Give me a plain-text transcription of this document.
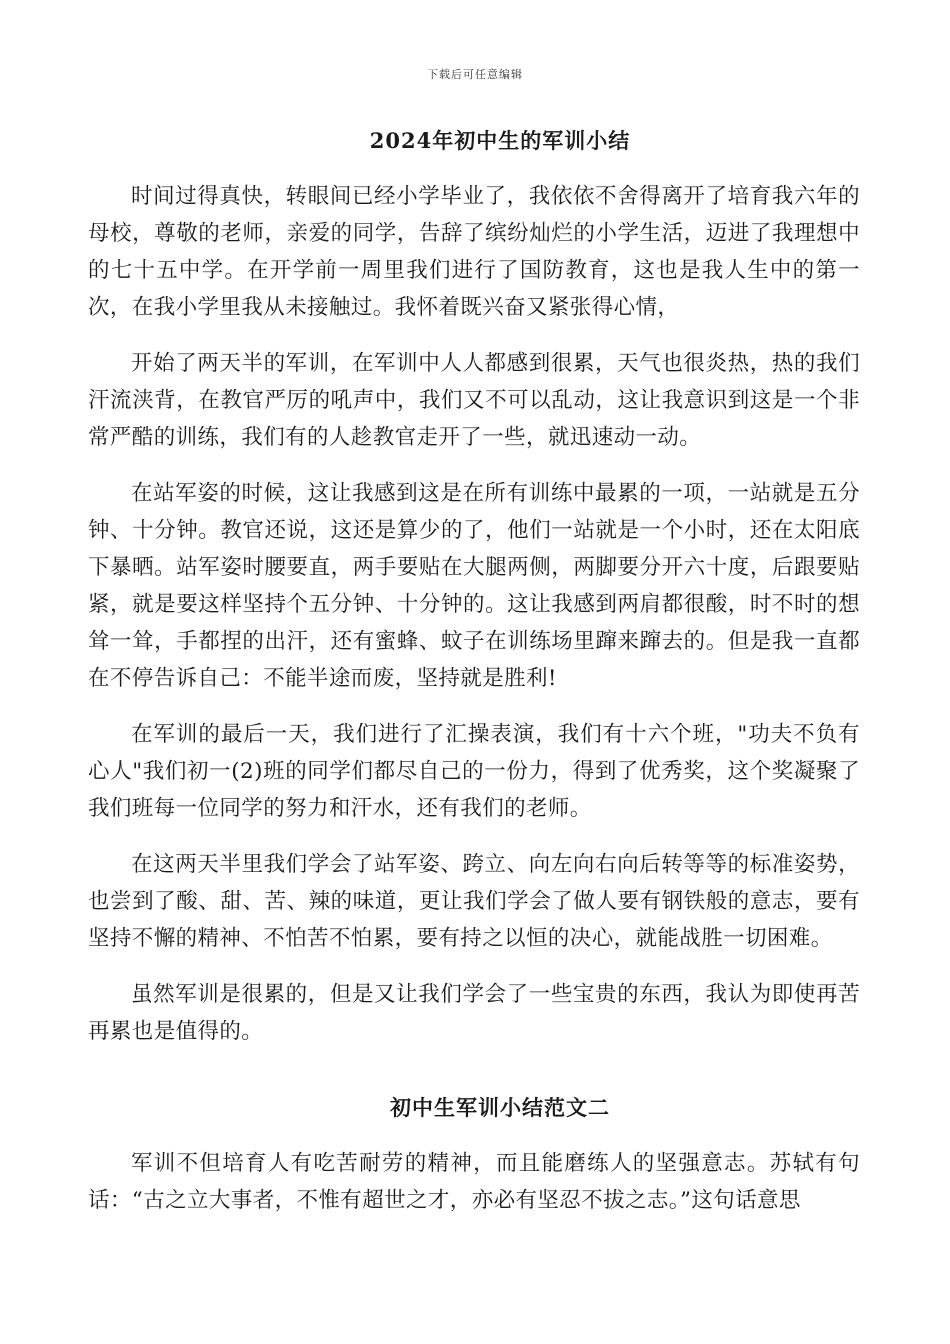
下载后可任意编辑
2024年初中生的军训小结

时间过得真快，转眼间已经小学毕业了，我依依不舍得离开了培育我六年的母校，尊敬的老师，亲爱的同学，告辞了缤纷灿烂的小学生活，迈进了我理想中的七十五中学。在开学前一周里我们进行了国防教育，这也是我人生中的第一次，在我小学里我从未接触过。我怀着既兴奋又紧张得心情，

开始了两天半的军训，在军训中人人都感到很累，天气也很炎热，热的我们汗流浃背，在教官严厉的吼声中，我们又不可以乱动，这让我意识到这是一个非常严酷的训练，我们有的人趁教官走开了一些，就迅速动一动。

在站军姿的时候，这让我感到这是在所有训练中最累的一项，一站就是五分钟、十分钟。教官还说，这还是算少的了，他们一站就是一个小时，还在太阳底下暴晒。站军姿时腰要直，两手要贴在大腿两侧，两脚要分开六十度，后跟要贴紧，就是要这样坚持个五分钟、十分钟的。这让我感到两肩都很酸，时不时的想耸一耸，手都捏的出汗，还有蜜蜂、蚊子在训练场里蹿来蹿去的。但是我一直都在不停告诉自己：不能半途而废，坚持就是胜利!

在军训的最后一天，我们进行了汇操表演，我们有十六个班，"功夫不负有心人"我们初一(2)班的同学们都尽自己的一份力，得到了优秀奖，这个奖凝聚了我们班每一位同学的努力和汗水，还有我们的老师。

在这两天半里我们学会了站军姿、跨立、向左向右向后转等等的标准姿势，也尝到了酸、甜、苦、辣的味道，更让我们学会了做人要有钢铁般的意志，要有坚持不懈的精神、不怕苦不怕累，要有持之以恒的决心，就能战胜一切困难。

虽然军训是很累的，但是又让我们学会了一些宝贵的东西，我认为即使再苦再累也是值得的。

初中生军训小结范文二

军训不但培育人有吃苦耐劳的精神，而且能磨练人的坚强意志。苏轼有句话：“古之立大事者，不惟有超世之才，亦必有坚忍不拔之志。”这句话意思
